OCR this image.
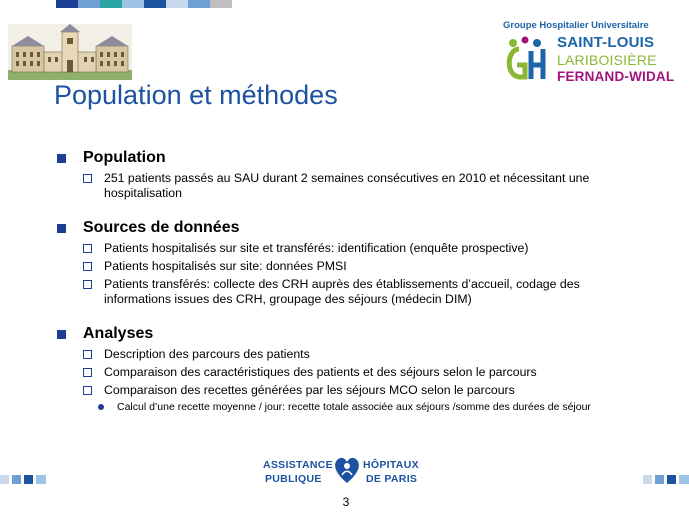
Groupe Hospitalier Universitaire
SAINT-LOUIS
LARIBOISIÈRE
FERNAND-WIDAL
Population et méthodes
Population
251 patients passés au SAU durant 2 semaines consécutives en 2010 et nécessitant une hospitalisation
Sources de données
Patients hospitalisés sur site et transférés: identification (enquête prospective)
Patients hospitalisés sur site: données PMSI
Patients transférés: collecte des CRH auprès des établissements d’accueil, codage des informations issues des CRH, groupage des séjours (médecin DIM)
Analyses
Description des parcours des patients
Comparaison des caractéristiques des patients et des séjours selon le parcours
Comparaison des recettes générées par les séjours MCO selon le parcours
Calcul d’une recette moyenne / jour: recette totale associée aux séjours /somme des durées de séjour
ASSISTANCE
PUBLIQUE
HÔPITAUX
DE PARIS
3
